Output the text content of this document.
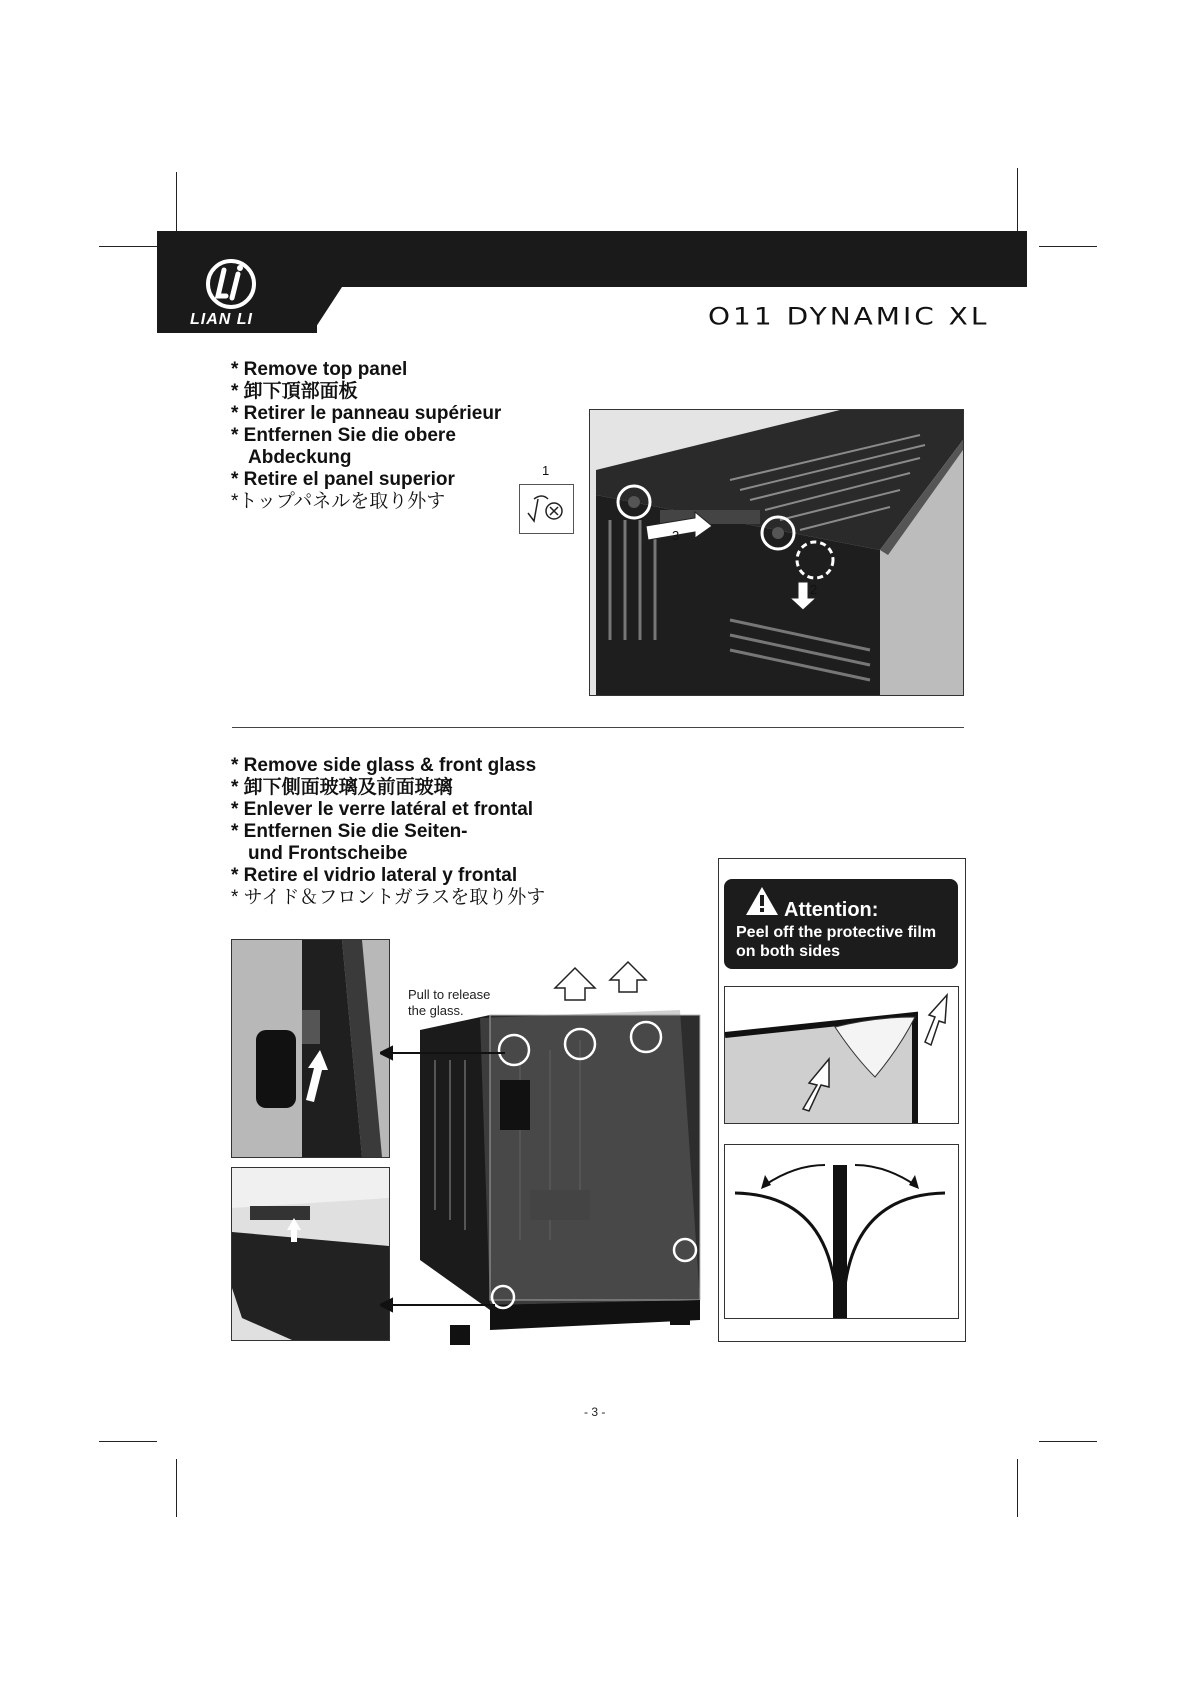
LIAN LI	O11 DYNAMIC XL
* Remove top panel
* 卸下頂部面板
* Retirer le panneau supérieur
* Entfernen Sie die obere
Abdeckung
* Retire el panel superior
*トップパネルを取り外す
1
3
2
* Remove side glass & front glass
* 卸下側面玻璃及前面玻璃
* Enlever le verre latéral et frontal
* Entfernen Sie die Seiten-
und Frontscheibe
* Retire el vidrio lateral y frontal
* サイド＆フロントガラスを取り外す
Pull to release
the glass.
Attention:
Peel off the protective film
on both sides
- 3 -
